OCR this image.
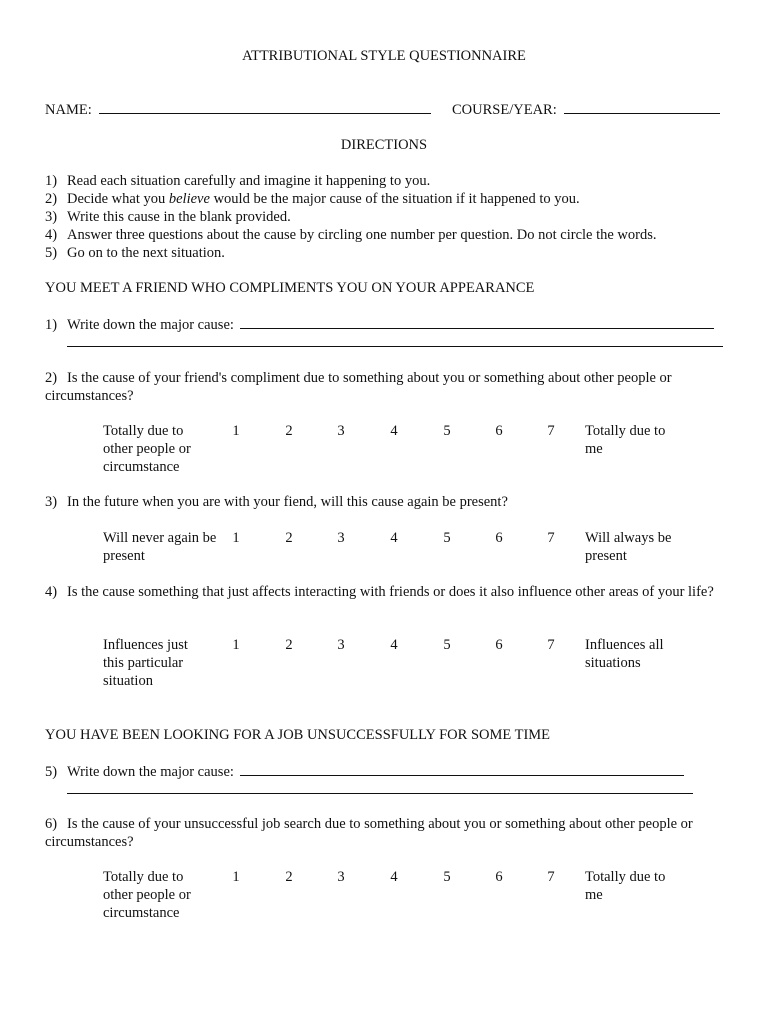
ATTRIBUTIONAL STYLE QUESTIONNAIRE
NAME:	COURSE/YEAR:
DIRECTIONS
1) Read each situation carefully and imagine it happening to you.
2) Decide what you believe would be the major cause of the situation if it happened to you.
3) Write this cause in the blank provided.
4) Answer three questions about the cause by circling one number per question. Do not circle the words.
5) Go on to the next situation.
YOU MEET A FRIEND WHO COMPLIMENTS YOU ON YOUR APPEARANCE
1) Write down the major cause:
2) Is the cause of your friend's compliment due to something about you or something about other people or circumstances?
Totally due to other people or circumstance
1	2	3	4	5	6	7 Totally due to me
3) In the future when you are with your fiend, will this cause again be present?
Will never again be present
1	2	3	4	5	6	7 Will always be present
4) Is the cause something that just affects interacting with friends or does it also influence other areas of your life?
Influences just this particular situation
1	2	3	4	5	6	7 Influences all situations
YOU HAVE BEEN LOOKING FOR A JOB UNSUCCESSFULLY FOR SOME TIME
5) Write down the major cause:
6) Is the cause of your unsuccessful job search due to something about you or something about other people or circumstances?
Totally due to other people or circumstance
1	2	3	4	5	6	7 Totally due to me
